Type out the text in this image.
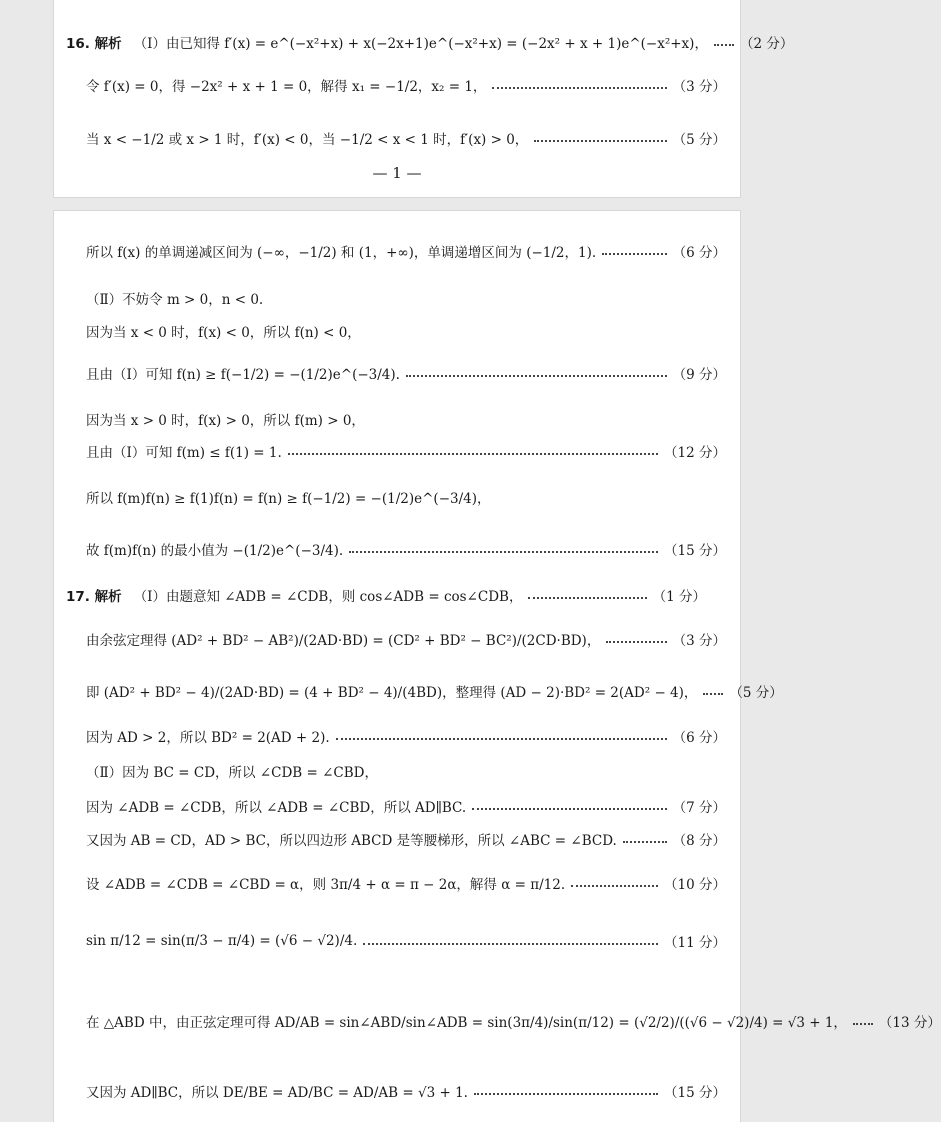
16. 解析 （Ⅰ）由已知得 f′(x) = e^(−x²+x) + x(−2x+1)e^(−x²+x) = (−2x² + x + 1)e^(−x²+x)， （2 分）
令 f′(x) = 0，得 −2x² + x + 1 = 0，解得 x₁ = −1/2，x₂ = 1，	（3 分）
当 x < −1/2 或 x > 1 时，f′(x) < 0，当 −1/2 < x < 1 时，f′(x) > 0，	（5 分）
— 1 —
所以 f(x) 的单调递减区间为 (−∞，−1/2) 和 (1，+∞)，单调递增区间为 (−1/2，1).	（6 分）
（Ⅱ）不妨令 m > 0，n < 0.
因为当 x < 0 时，f(x) < 0，所以 f(n) < 0，
且由（Ⅰ）可知 f(n) ≥ f(−1/2) = −(1/2)e^(−3/4).	（9 分）
因为当 x > 0 时，f(x) > 0，所以 f(m) > 0，
且由（Ⅰ）可知 f(m) ≤ f(1) = 1.	（12 分）
所以 f(m)f(n) ≥ f(1)f(n) = f(n) ≥ f(−1/2) = −(1/2)e^(−3/4)，
故 f(m)f(n) 的最小值为 −(1/2)e^(−3/4).	（15 分）
17. 解析 （Ⅰ）由题意知 ∠ADB = ∠CDB，则 cos∠ADB = cos∠CDB，	（1 分）
由余弦定理得 (AD² + BD² − AB²)/(2AD·BD) = (CD² + BD² − BC²)/(2CD·BD)，	（3 分）
即 (AD² + BD² − 4)/(2AD·BD) = (4 + BD² − 4)/(4BD)，整理得 (AD − 2)·BD² = 2(AD² − 4)， （5 分）
因为 AD > 2，所以 BD² = 2(AD + 2).	（6 分）
（Ⅱ）因为 BC = CD，所以 ∠CDB = ∠CBD，
因为 ∠ADB = ∠CDB，所以 ∠ADB = ∠CBD，所以 AD∥BC.	（7 分）
又因为 AB = CD，AD > BC，所以四边形 ABCD 是等腰梯形，所以 ∠ABC = ∠BCD.	（8 分）
设 ∠ADB = ∠CDB = ∠CBD = α，则 3π/4 + α = π − 2α，解得 α = π/12.	（10 分）
sin π/12 = sin(π/3 − π/4) = (√6 − √2)/4.	（11 分）
在 △ABD 中，由正弦定理可得 AD/AB = sin∠ABD/sin∠ADB = sin(3π/4)/sin(π/12) = (√2/2)/((√6 − √2)/4) = √3 + 1， （13 分）
又因为 AD∥BC，所以 DE/BE = AD/BC = AD/AB = √3 + 1.	（15 分）
